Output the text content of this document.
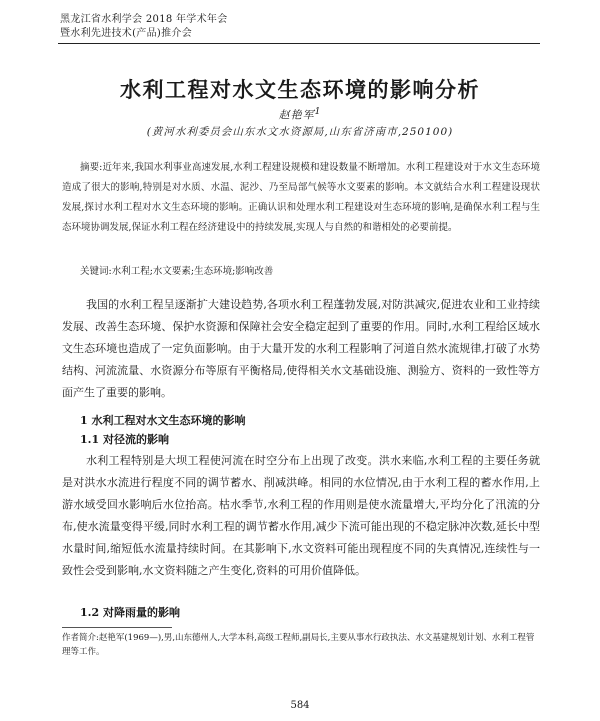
黑龙江省水利学会 2018 年学术年会
暨水利先进技术(产品)推介会
水利工程对水文生态环境的影响分析
赵艳军$^1$
(黄河水利委员会山东水文水资源局,山东省济南市,250100)
摘要:近年来,我国水利事业高速发展,水利工程建设规模和建设数量不断增加。水利工程建设对于水文生态环境造成了很大的影响,特别是对水质、水温、泥沙、乃至局部气候等水文要素的影响。本文就结合水利工程建设现状发展,探讨水利工程对水文生态环境的影响。正确认识和处理水利工程建设对生态环境的影响,是确保水利工程与生态环境协调发展,保证水利工程在经济建设中的持续发展,实现人与自然的和谐相处的必要前提。
关键词:水利工程;水文要素;生态环境;影响改善

我国的水利工程呈逐渐扩大建设趋势,各项水利工程蓬勃发展,对防洪减灾,促进农业和工业持续发展、改善生态环境、保护水资源和保障社会安全稳定起到了重要的作用。同时,水利工程给区域水文生态环境也造成了一定负面影响。由于大量开发的水利工程影响了河道自然水流规律,打破了水势结构、河流流量、水资源分布等原有平衡格局,使得相关水文基础设施、测验方、资料的一致性等方面产生了重要的影响。

1 水利工程对水文生态环境的影响
1.1 对径流的影响

水利工程特别是大坝工程使河流在时空分布上出现了改变。洪水来临,水利工程的主要任务就是对洪水水流进行程度不同的调节蓄水、削减洪峰。相同的水位情况,由于水利工程的蓄水作用,上游水域受回水影响后水位抬高。枯水季节,水利工程的作用则是使水流量增大,平均分化了汛流的分布,使水流量变得平缓,同时水利工程的调节蓄水作用,减少下流可能出现的不稳定脉冲次数,延长中型水量时间,缩短低水流量持续时间。在其影响下,水文资料可能出现程度不同的失真情况,连续性与一致性会受到影响,水文资料随之产生变化,资料的可用价值降低。

1.2 对降雨量的影响
作者简介:赵艳军(1969—),男,山东德州人,大学本科,高级工程师,副局长,主要从事水行政执法、水文基建规划计划、水利工程管理等工作。
584
